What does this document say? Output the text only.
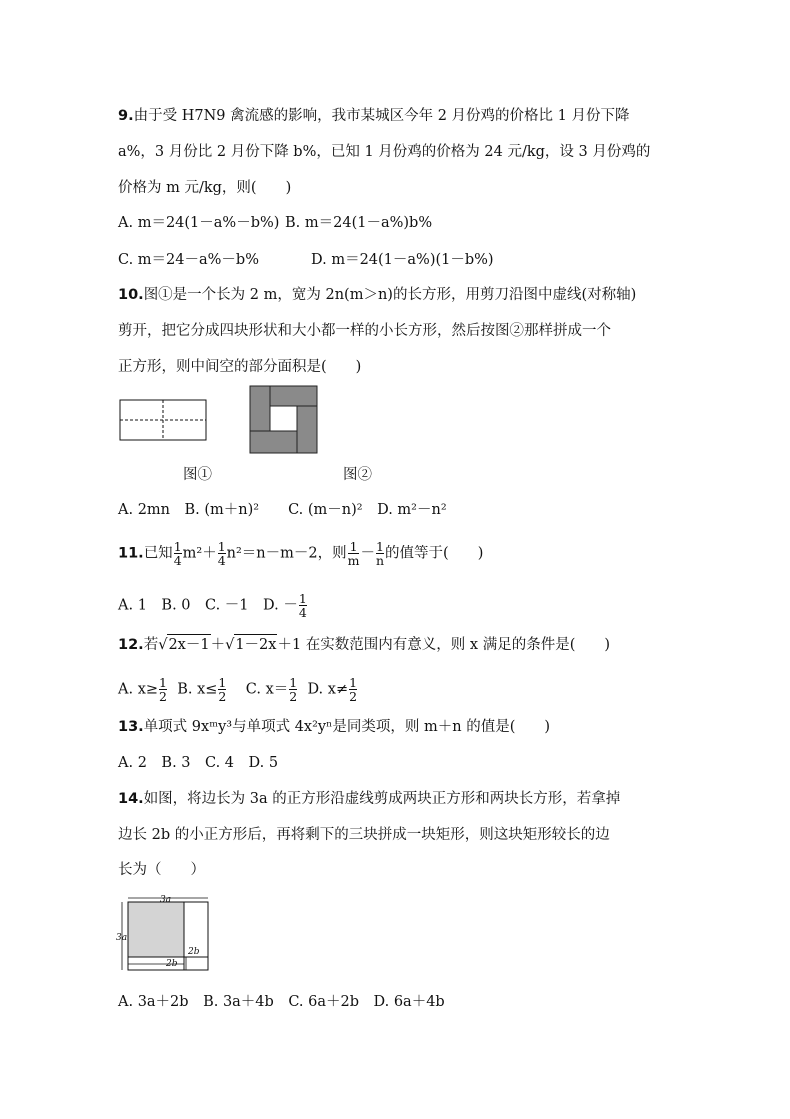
9.由于受 H7N9 禽流感的影响，我市某城区今年 2 月份鸡的价格比 1 月份下降
a%，3 月份比 2 月份下降 b%，已知 1 月份鸡的价格为 24 元/kg，设 3 月份鸡的
价格为 m 元/kg，则(　　)
A. m＝24(1－a%－b%) B. m＝24(1－a%)b%
C. m＝24－a%－b%	D. m＝24(1－a%)(1－b%)
10.图①是一个长为 2 m，宽为 2n(m＞n)的长方形，用剪刀沿图中虚线(对称轴)
剪开，把它分成四块形状和大小都一样的小长方形，然后按图②那样拼成一个
正方形，则中间空的部分面积是(　　)
图①	图②
A. 2mn　B. (m＋n)²　　C. (m－n)²　D. m²－n²
11.已知 $\frac{1}{4} m^2+ \frac{1}{4} n^2=n-m-2$，则 $\frac{1}{m} - \frac{1}{n}$ 的值等于(　　)
A. 1　B. 0　C. －1　D. － $\frac{1}{4}$
12.若√2x－1＋√1－2x＋1 在实数范围内有意义，则 x 满足的条件是(　　)
A. $x\ge \frac{1}{2} B$. $x\le \frac{1}{2} C$. $x= \frac{1}{2} D$. $x\ne \frac{1}{2}$
13.单项式 9xᵐy³与单项式 4x²yⁿ是同类项，则 m＋n 的值是(　　)
A. 2　B. 3　C. 4　D. 5
14.如图，将边长为 3a 的正方形沿虚线剪成两块正方形和两块长方形，若拿掉
边长 2b 的小正方形后，再将剩下的三块拼成一块矩形，则这块矩形较长的边
长为（　　）
3a
3a
2b
2b
A. 3a＋2b　B. 3a＋4b　C. 6a＋2b　D. 6a＋4b
